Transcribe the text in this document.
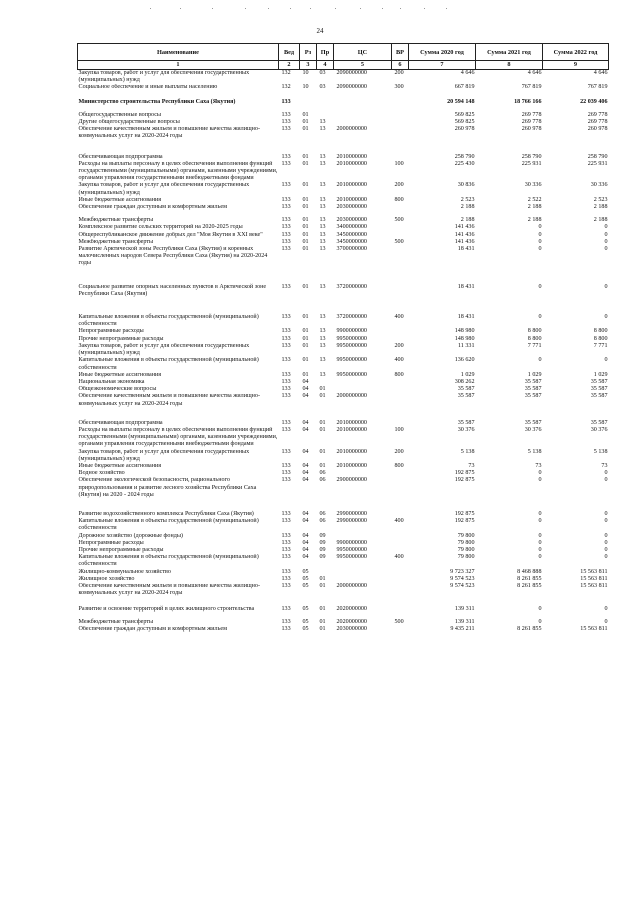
24
Наименование	Вед	Рз	Пр	ЦС	ВР	Сумма 2020 год	Сумма 2021 год	Сумма 2022 год
1	2	3	4	5	6	7	8	9
Закупка товаров, работ и услуг для обеспечения государственных (муниципальных) нужд	132	10	03	2090000000	200	4 646	4 646	4 646
Социальное обеспечение и иные выплаты населению	132	10	03	2090000000	300	667 819	767 819	767 819
Министерство строительства Республики Саха (Якутия)	133					20 594 148	18 766 166	22 039 406
Общегосударственные вопросы	133	01				569 825	269 778	269 778
Другие общегосударственные вопросы	133	01	13			569 825	269 778	269 778
Обеспечение качественным жильем и повышение качества жилищно-коммунальных услуг на 2020-2024 годы	133	01	13	2000000000		260 978	260 978	260 978
Обеспечивающая подпрограмма	133	01	13	2010000000		258 790	258 790	258 790
Расходы на выплаты персоналу в целях обеспечения выполнения функций государственными (муниципальными) органами, казенными учреждениями, органами управления государственными внебюджетными фондами	133	01	13	2010000000	100	225 430	225 931	225 931
Закупка товаров, работ и услуг для обеспечения государственных (муниципальных) нужд	133	01	13	2010000000	200	30 836	30 336	30 336
Иные бюджетные ассигнования	133	01	13	2010000000	800	2 523	2 522	2 523
Обеспечение граждан доступным и комфортным жильем	133	01	13	2030000000		2 188	2 188	2 188
Межбюджетные трансферты	133	01	13	2030000000	500	2 188	2 188	2 188
Комплексное развитие сельских территорий на 2020-2025 годы	133	01	13	3400000000		141 436	0	0
Общереспубликанское движение добрых дел "Моя Якутия в XXI веке"	133	01	13	3450000000		141 436	0	0
Межбюджетные трансферты	133	01	13	3450000000	500	141 436	0	0
Развитие Арктической зоны Республики Саха (Якутия) и коренных малочисленных народов Севера Республики Саха (Якутия) на 2020-2024 годы	133	01	13	3700000000		18 431	0	0
Социальное развитие опорных населенных пунктов в Арктической зоне Республики Саха (Якутия)	133	01	13	3720000000		18 431	0	0
Капитальные вложения в объекты государственной (муниципальной) собственности	133	01	13	3720000000	400	18 431	0	0
Непрограммные расходы	133	01	13	9900000000		148 980	8 800	8 800
Прочие непрограммные расходы	133	01	13	9950000000		148 980	8 800	8 800
Закупка товаров, работ и услуг для обеспечения государственных (муниципальных) нужд	133	01	13	9950000000	200	11 331	7 771	7 771
Капитальные вложения в объекты государственной (муниципальной) собственности	133	01	13	9950000000	400	136 620	0	0
Иные бюджетные ассигнования	133	01	13	9950000000	800	1 029	1 029	1 029
Национальная экономика	133	04				308 262	35 587	35 587
Общеэкономические вопросы	133	04	01			35 587	35 587	35 587
Обеспечение качественным жильем и повышение качества жилищно-коммунальных услуг на 2020-2024 годы	133	04	01	2000000000		35 587	35 587	35 587
Обеспечивающая подпрограмма	133	04	01	2010000000		35 587	35 587	35 587
Расходы на выплаты персоналу в целях обеспечения выполнения функций государственными (муниципальными) органами, казенными учреждениями, органами управления государственными внебюджетными фондами	133	04	01	2010000000	100	30 376	30 376	30 376
Закупка товаров, работ и услуг для обеспечения государственных (муниципальных) нужд	133	04	01	2010000000	200	5 138	5 138	5 138
Иные бюджетные ассигнования	133	04	01	2010000000	800	73	73	73
Водное хозяйство	133	04	06			192 875	0	0
Обеспечение экологической безопасности, рационального природопользования и развитие лесного хозяйства Республики Саха (Якутия) на 2020 - 2024 годы	133	04	06	2900000000		192 875	0	0
Развитие водохозяйственного комплекса Республики Саха (Якутия)	133	04	06	2990000000		192 875	0	0
Капитальные вложения в объекты государственной (муниципальной) собственности	133	04	06	2990000000	400	192 875	0	0
Дорожное хозяйство (дорожные фонды)	133	04	09			79 800	0	0
Непрограммные расходы	133	04	09	9900000000		79 800	0	0
Прочие непрограммные расходы	133	04	09	9950000000		79 800	0	0
Капитальные вложения в объекты государственной (муниципальной) собственности	133	04	09	9950000000	400	79 800	0	0
Жилищно-коммунальное хозяйство	133	05				9 723 327	8 468 888	15 563 811
Жилищное хозяйство	133	05	01			9 574 523	8 261 855	15 563 811
Обеспечение качественным жильем и повышение качества жилищно-коммунальных услуг на 2020-2024 годы	133	05	01	2000000000		9 574 523	8 261 855	15 563 811
Развитие и освоение территорий в целях жилищного строительства	133	05	01	2020000000		139 311	0	0
Межбюджетные трансферты	133	05	01	2020000000	500	139 311	0	0
Обеспечение граждан доступным и комфортным жильем	133	05	01	2030000000		9 435 211	8 261 855	15 563 811
